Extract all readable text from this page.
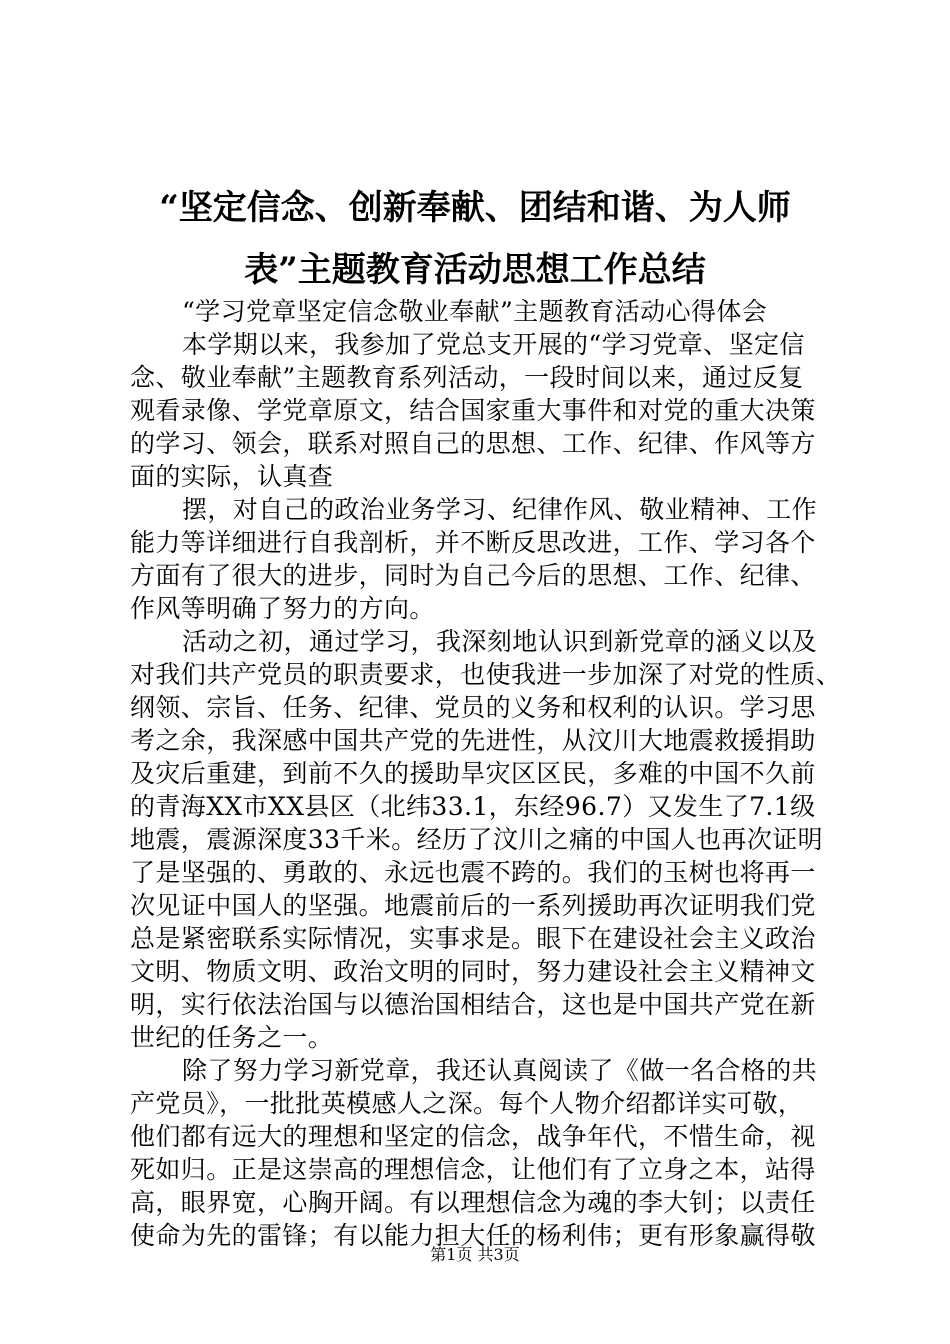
“坚定信念、创新奉献、团结和谐、为人师
表”主题教育活动思想工作总结
“学习党章坚定信念敬业奉献”主题教育活动心得体会
本学期以来，我参加了党总支开展的“学习党章、坚定信
念、敬业奉献”主题教育系列活动，一段时间以来，通过反复
观看录像、学党章原文，结合国家重大事件和对党的重大决策
的学习、领会，联系对照自己的思想、工作、纪律、作风等方
面的实际，认真查
摆，对自己的政治业务学习、纪律作风、敬业精神、工作
能力等详细进行自我剖析，并不断反思改进，工作、学习各个
方面有了很大的进步，同时为自己今后的思想、工作、纪律、
作风等明确了努力的方向。
活动之初，通过学习，我深刻地认识到新党章的涵义以及
对我们共产党员的职责要求，也使我进一步加深了对党的性质、
纲领、宗旨、任务、纪律、党员的义务和权利的认识。学习思
考之余，我深感中国共产党的先进性，从汶川大地震救援捐助
及灾后重建，到前不久的援助旱灾区区民，多难的中国不久前
的青海XX市XX县区（北纬33.1，东经96.7）又发生了7.1级
地震，震源深度33千米。经历了汶川之痛的中国人也再次证明
了是坚强的、勇敢的、永远也震不跨的。我们的玉树也将再一
次见证中国人的坚强。地震前后的一系列援助再次证明我们党
总是紧密联系实际情况，实事求是。眼下在建设社会主义政治
文明、物质文明、政治文明的同时，努力建设社会主义精神文
明，实行依法治国与以德治国相结合，这也是中国共产党在新
世纪的任务之一。
除了努力学习新党章，我还认真阅读了《做一名合格的共
产党员》，一批批英模感人之深。每个人物介绍都详实可敬，
他们都有远大的理想和坚定的信念，战争年代，不惜生命，视
死如归。正是这崇高的理想信念，让他们有了立身之本，站得
高，眼界宽，心胸开阔。有以理想信念为魂的李大钊；以责任
使命为先的雷锋；有以能力担大任的杨利伟；更有形象赢得敬
第1页 共3页
